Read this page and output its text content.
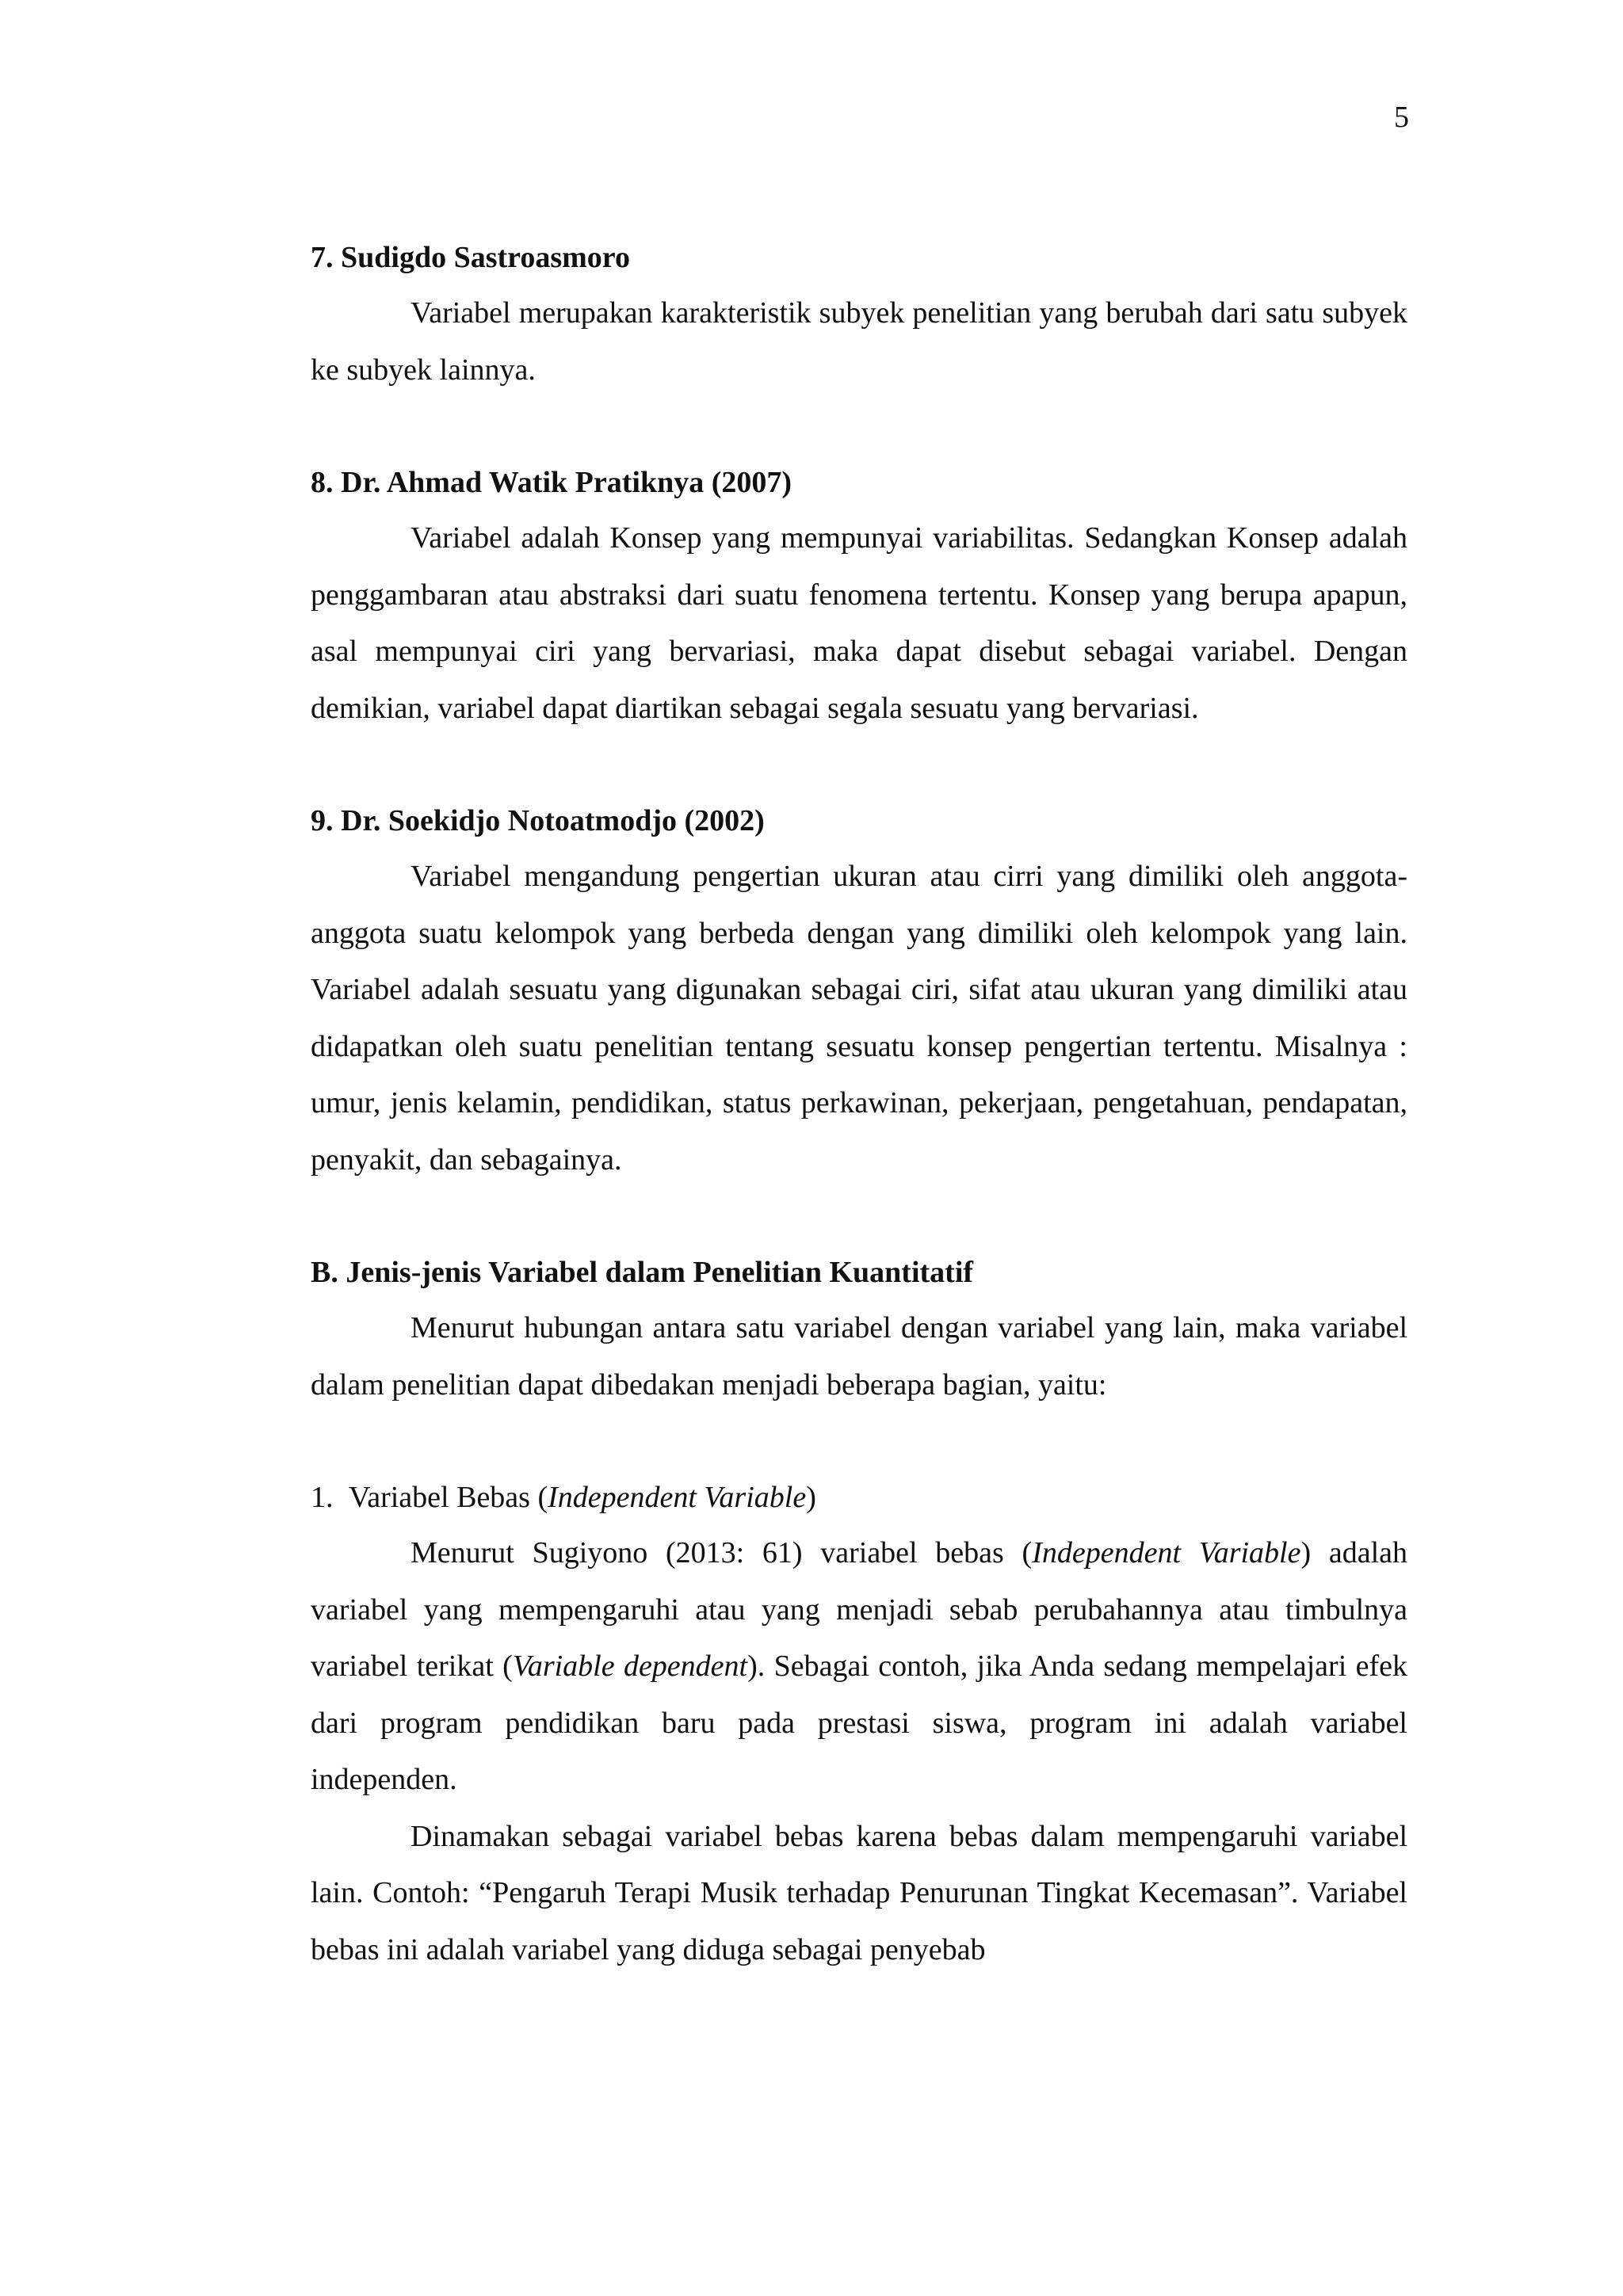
5

7. Sudigdo Sastroasmoro

Variabel merupakan karakteristik subyek penelitian yang berubah dari satu subyek ke subyek lainnya.

8. Dr. Ahmad Watik Pratiknya (2007)

Variabel adalah Konsep yang mempunyai variabilitas. Sedangkan Konsep adalah penggambaran atau abstraksi dari suatu fenomena tertentu. Konsep yang berupa apapun, asal mempunyai ciri yang bervariasi, maka dapat disebut sebagai variabel. Dengan demikian, variabel dapat diartikan sebagai segala sesuatu yang bervariasi.

9. Dr. Soekidjo Notoatmodjo (2002)

Variabel mengandung pengertian ukuran atau cirri yang dimiliki oleh anggota-anggota suatu kelompok yang berbeda dengan yang dimiliki oleh kelompok yang lain. Variabel adalah sesuatu yang digunakan sebagai ciri, sifat atau ukuran yang dimiliki atau didapatkan oleh suatu penelitian tentang sesuatu konsep pengertian tertentu. Misalnya : umur, jenis kelamin, pendidikan, status perkawinan, pekerjaan, pengetahuan, pendapatan, penyakit, dan sebagainya.

B. Jenis-jenis Variabel dalam Penelitian Kuantitatif

Menurut hubungan antara satu variabel dengan variabel yang lain, maka variabel dalam penelitian dapat dibedakan menjadi beberapa bagian, yaitu:

1. Variabel Bebas (Independent Variable)

Menurut Sugiyono (2013: 61) variabel bebas (Independent Variable) adalah variabel yang mempengaruhi atau yang menjadi sebab perubahannya atau timbulnya variabel terikat (Variable dependent). Sebagai contoh, jika Anda sedang mempelajari efek dari program pendidikan baru pada prestasi siswa, program ini adalah variabel independen.

Dinamakan sebagai variabel bebas karena bebas dalam mempengaruhi variabel lain. Contoh: “Pengaruh Terapi Musik terhadap Penurunan Tingkat Kecemasan”. Variabel bebas ini adalah variabel yang diduga sebagai penyebab
